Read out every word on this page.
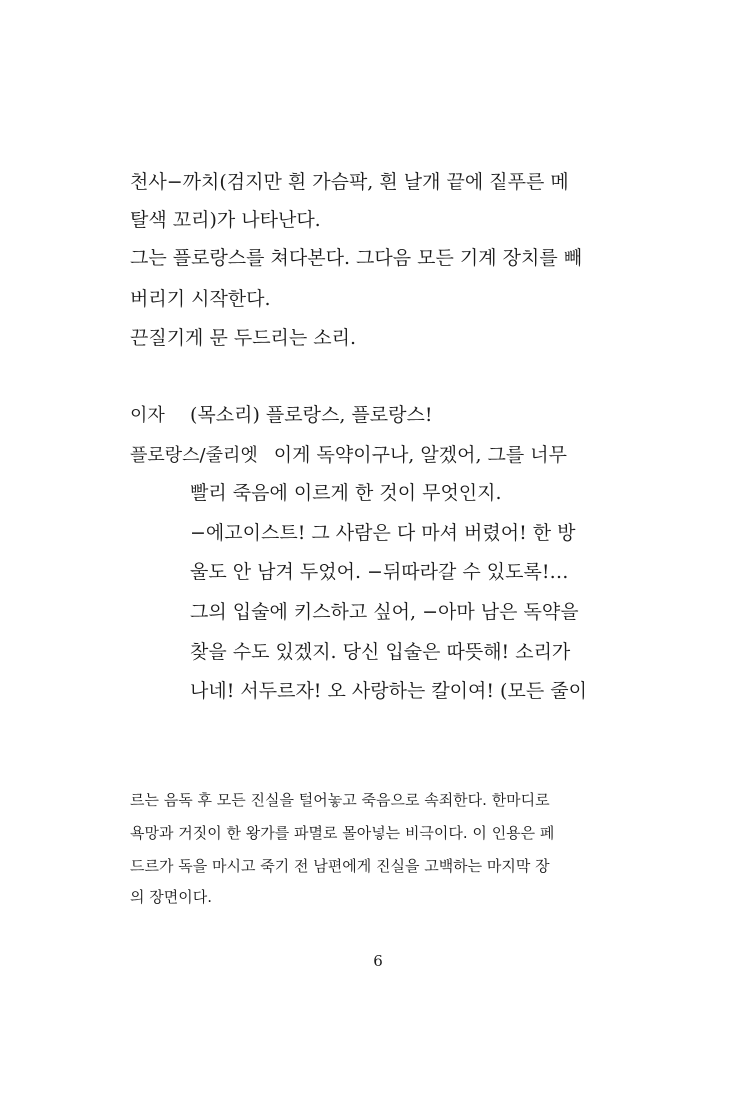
천사−까치(검지만 흰 가슴팍, 흰 날개 끝에 짙푸른 메
탈색 꼬리)가 나타난다.
그는 플로랑스를 쳐다본다. 그다음 모든 기계 장치를 빼
버리기 시작한다.
끈질기게 문 두드리는 소리.
이자 (목소리) 플로랑스, 플로랑스!
플로랑스/줄리엣 이게 독약이구나, 알겠어, 그를 너무
빨리 죽음에 이르게 한 것이 무엇인지.
−에고이스트! 그 사람은 다 마셔 버렸어! 한 방
울도 안 남겨 두었어. −뒤따라갈 수 있도록!…
그의 입술에 키스하고 싶어, −아마 남은 독약을
찾을 수도 있겠지. 당신 입술은 따뜻해! 소리가
나네! 서두르자! 오 사랑하는 칼이여! (모든 줄이
르는 음독 후 모든 진실을 털어놓고 죽음으로 속죄한다. 한마디로
욕망과 거짓이 한 왕가를 파멸로 몰아넣는 비극이다. 이 인용은 페
드르가 독을 마시고 죽기 전 남편에게 진실을 고백하는 마지막 장
의 장면이다.
6
